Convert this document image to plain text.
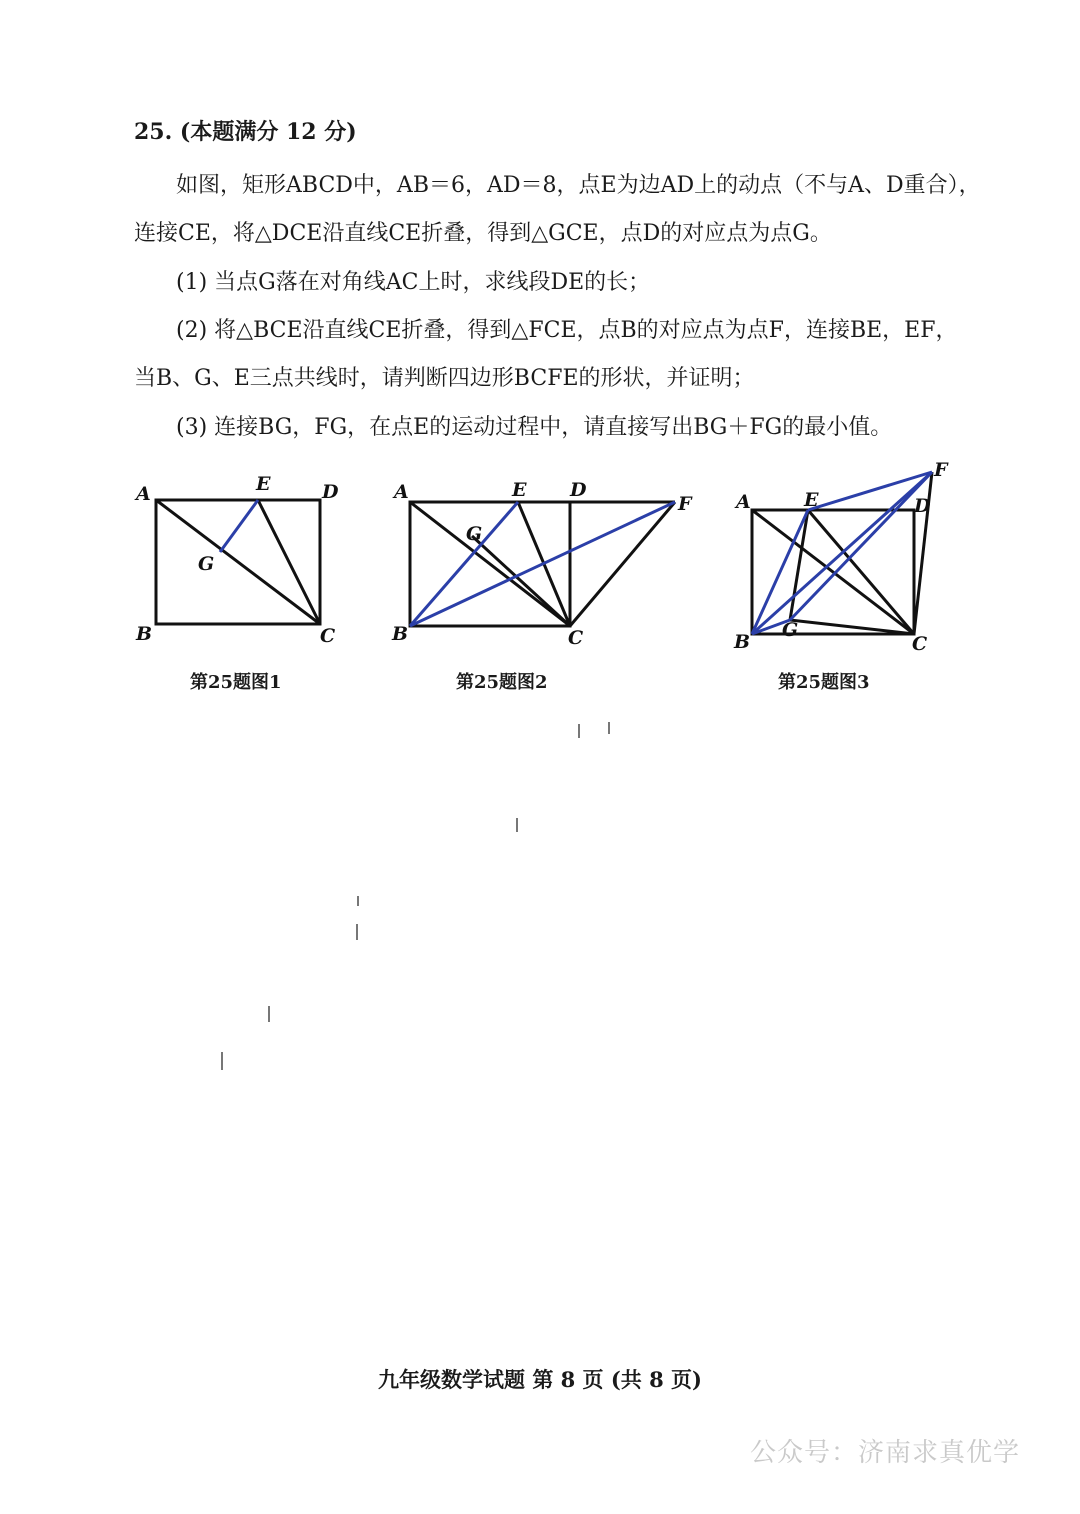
25. (本题满分 12 分)
如图，矩形ABCD中，AB＝6，AD＝8，点E为边AD上的动点（不与A、D重合），
连接CE，将△DCE沿直线CE折叠，得到△GCE，点D的对应点为点G。
(1) 当点G落在对角线AC上时，求线段DE的长；
(2) 将△BCE沿直线CE折叠，得到△FCE，点B的对应点为点F，连接BE，EF，
当B、G、E三点共线时，请判断四边形BCFE的形状，并证明；
(3) 连接BG，FG，在点E的运动过程中，请直接写出BG＋FG的最小值。
A	E	D
G
B	C
A	E D
F
G
B	C
A	E	D
F
G
B	C
第25题图1	第25题图2	第25题图3
九年级数学试题 第 8 页 (共 8 页)
公众号：济南求真优学
